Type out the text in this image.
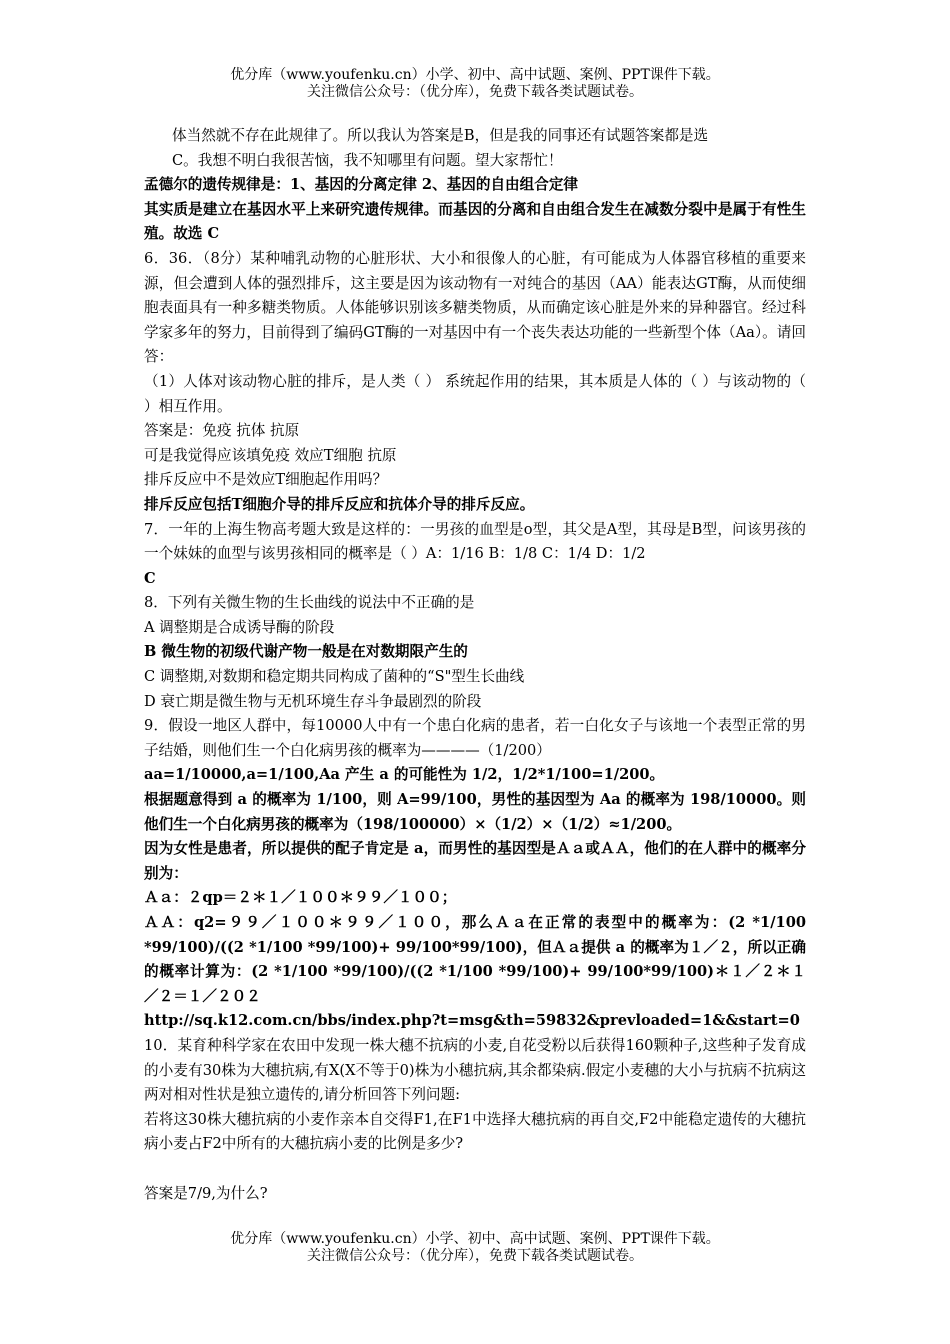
优分库（www.youfenku.cn）小学、初中、高中试题、案例、PPT课件下载。
关注微信公众号：（优分库），免费下载各类试题试卷。

体当然就不存在此规律了。所以我认为答案是B，但是我的同事还有试题答案都是选

C。我想不明白我很苦恼，我不知哪里有问题。望大家帮忙！

孟德尔的遗传规律是：1、基因的分离定律 2、基因的自由组合定律

其实质是建立在基因水平上来研究遗传规律。而基因的分离和自由组合发生在减数分裂中是属于有性生殖。故选 C

6．36．（8分）某种哺乳动物的心脏形状、大小和很像人的心脏，有可能成为人体器官移植的重要来源，但会遭到人体的强烈排斥，这主要是因为该动物有一对纯合的基因（AA）能表达GT酶，从而使细胞表面具有一种多糖类物质。人体能够识别该多糖类物质，从而确定该心脏是外来的异种器官。经过科学家多年的努力，目前得到了编码GT酶的一对基因中有一个丧失表达功能的一些新型个体（Aa）。请回答：

（1）人体对该动物心脏的排斥，是人类（ ） 系统起作用的结果，其本质是人体的（ ）与该动物的（ ）相互作用。

答案是：免疫 抗体 抗原

可是我觉得应该填免疫 效应T细胞 抗原

排斥反应中不是效应T细胞起作用吗？

排斥反应包括T细胞介导的排斥反应和抗体介导的排斥反应。

7．一年的上海生物高考题大致是这样的：一男孩的血型是o型，其父是A型，其母是B型，问该男孩的一个妹妹的血型与该男孩相同的概率是（ ）A：1/16 B：1/8 C：1/4 D：1/2

C

8．下列有关微生物的生长曲线的说法中不正确的是

A 调整期是合成诱导酶的阶段

B 微生物的初级代谢产物一般是在对数期限产生的

C 调整期,对数期和稳定期共同构成了菌种的“S"型生长曲线

D 衰亡期是微生物与无机环境生存斗争最剧烈的阶段

9．假设一地区人群中，每10000人中有一个患白化病的患者，若一白化女子与该地一个表型正常的男子结婚，则他们生一个白化病男孩的概率为————（1/200）

aa=1/10000,a=1/100,Aa 产生 a 的可能性为 1/2，1/2*1/100=1/200。

根据题意得到 a 的概率为 1/100，则 A=99/100，男性的基因型为 Aa 的概率为 198/10000。则他们生一个白化病男孩的概率为（198/100000）×（1/2）×（1/2）≈1/200。

因为女性是患者，所以提供的配子肯定是 a，而男性的基因型是Ａａ或ＡＡ，他们的在人群中的概率分别为：

Ａａ：２qp＝２＊１／１００＊９９／１００；

ＡＡ：q2=９９／１００＊９９／１００，那么Ａａ在正常的表型中的概率为：(2 *1/100 *99/100)/((2 *1/100 *99/100)+ 99/100*99/100)，但Ａａ提供 a 的概率为１／２，所以正确的概率计算为：(2 *1/100 *99/100)/((2 *1/100 *99/100)+ 99/100*99/100)＊１／２＊１／２＝１／２０２

http://sq.k12.com.cn/bbs/index.php?t=msg&th=59832&prevloaded=1&&start=0

10．某育种科学家在农田中发现一株大穗不抗病的小麦,自花受粉以后获得160颗种子,这些种子发育成的小麦有30株为大穗抗病,有X(X不等于0)株为小穗抗病,其余都染病.假定小麦穗的大小与抗病不抗病这两对相对性状是独立遗传的,请分析回答下列问题:

若将这30株大穗抗病的小麦作亲本自交得F1,在F1中选择大穗抗病的再自交,F2中能稳定遗传的大穗抗病小麦占F2中所有的大穗抗病小麦的比例是多少?

答案是7/9,为什么?

优分库（www.youfenku.cn）小学、初中、高中试题、案例、PPT课件下载。
关注微信公众号：（优分库），免费下载各类试题试卷。
